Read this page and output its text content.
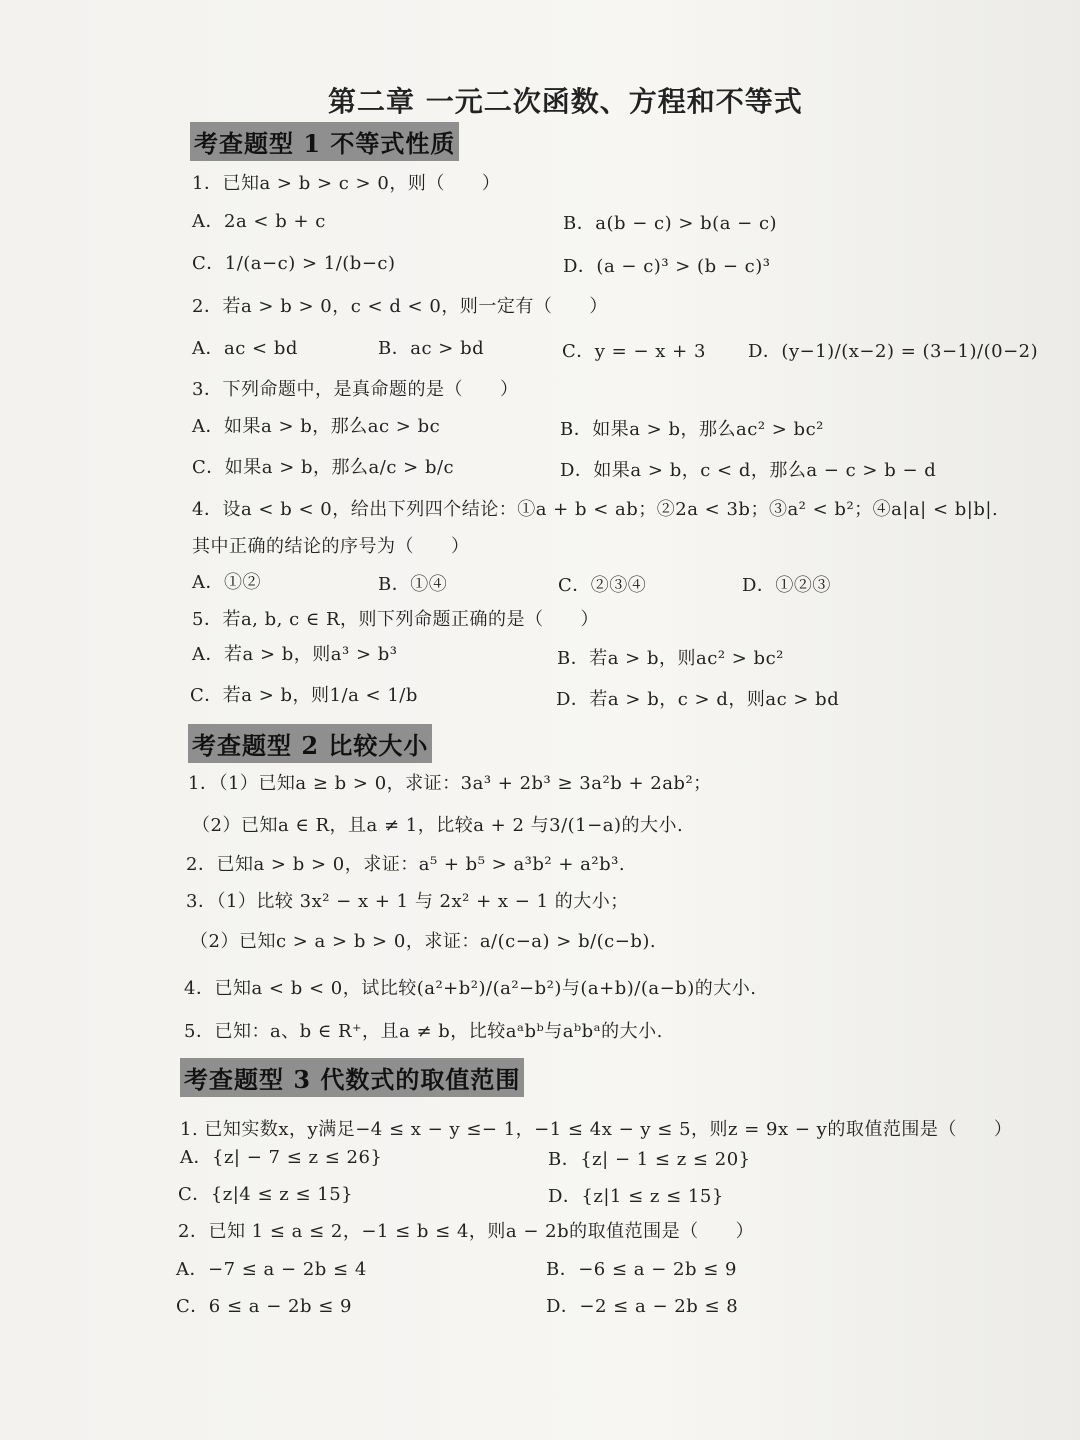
第二章 一元二次函数、方程和不等式
考查题型 1 不等式性质
1．已知a > b > c > 0，则（　　）
A．2a < b + c	B．a(b − c) > b(a − c)
C．1/(a−c) > 1/(b−c)	D．(a − c)³ > (b − c)³
2．若a > b > 0，c < d < 0，则一定有（　　）
A．ac < bd	B．ac > bd	C．y = − x + 3 D．(y−1)/(x−2) = (3−1)/(0−2)
3．下列命题中，是真命题的是（　　）
A．如果a > b，那么ac > bc	B．如果a > b，那么ac² > bc²
C．如果a > b，那么a/c > b/c	D．如果a > b，c < d，那么a − c > b − d
4．设a < b < 0，给出下列四个结论：①a + b < ab；②2a < 3b；③a² < b²；④a|a| < b|b|.
其中正确的结论的序号为（　　）
A．①②	B．①④	C．②③④	D．①②③
5．若a, b, c ∈ R，则下列命题正确的是（　　）
A．若a > b，则a³ > b³	B．若a > b，则ac² > bc²
C．若a > b，则1/a < 1/b	D．若a > b，c > d，则ac > bd
考查题型 2 比较大小
1．（1）已知a ≥ b > 0，求证：3a³ + 2b³ ≥ 3a²b + 2ab²；
（2）已知a ∈ R，且a ≠ 1，比较a + 2 与3/(1−a)的大小.
2．已知a > b > 0，求证：a⁵ + b⁵ > a³b² + a²b³.
3．（1）比较 3x² − x + 1 与 2x² + x − 1 的大小；
（2）已知c > a > b > 0，求证：a/(c−a) > b/(c−b).
4．已知a < b < 0，试比较(a²+b²)/(a²−b²)与(a+b)/(a−b)的大小.
5．已知：a、b ∈ R⁺，且a ≠ b，比较aᵃbᵇ与aᵇbᵃ的大小.
考查题型 3 代数式的取值范围
1. 已知实数x，y满足−4 ≤ x − y ≤− 1，−1 ≤ 4x − y ≤ 5，则z = 9x − y的取值范围是（　　）
A．{z| − 7 ≤ z ≤ 26}	B．{z| − 1 ≤ z ≤ 20}
C．{z|4 ≤ z ≤ 15}	D．{z|1 ≤ z ≤ 15}
2．已知 1 ≤ a ≤ 2，−1 ≤ b ≤ 4，则a − 2b的取值范围是（　　）
A．−7 ≤ a − 2b ≤ 4	B．−6 ≤ a − 2b ≤ 9
C．6 ≤ a − 2b ≤ 9	D．−2 ≤ a − 2b ≤ 8
